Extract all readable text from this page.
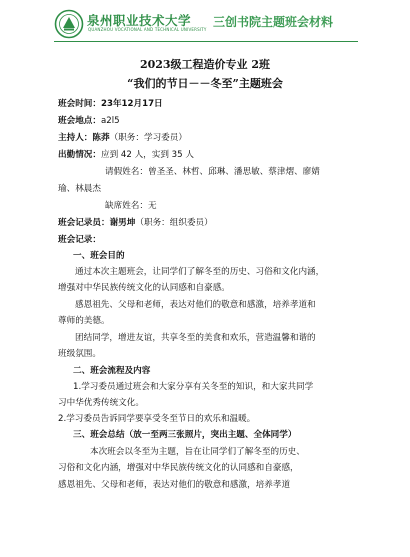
泉州职业技术大学
QUANZHOU VOCATIONAL AND TECHNICAL UNIVERSITY
三创书院主题班会材料
2023级工程造价专业 2班
“我们的节日－－冬至”主题班会
班会时间：23年12月17日
班会地点：a2l5
主持人：陈莽（职务：学习委员）
出勤情况：应到 42 人，实到 35 人
请假姓名：曾圣圣、林哲、邱琳、潘思敏、蔡津熠、廖婧
瑜、林晨杰
缺席姓名：无
班会记录员：谢男坤（职务：组织委员）
班会记录：
一、班会目的
通过本次主题班会，让同学们了解冬至的历史、习俗和文化内涵，
增强对中华民族传统文化的认同感和自豪感。
感恩祖先、父母和老师，表达对他们的敬意和感激，培养孝道和
尊师的美德。
团结同学，增进友谊，共享冬至的美食和欢乐，营造温馨和谐的
班级氛围。
二、班会流程及内容
1.学习委员通过班会和大家分享有关冬至的知识，和大家共同学
习中华优秀传统文化。
2.学习委员告诉同学要享受冬至节日的欢乐和温暖。
三、班会总结（放一至两三张照片，突出主题、全体同学）
本次班会以冬至为主题，旨在让同学们了解冬至的历史、
习俗和文化内涵，增强对中华民族传统文化的认同感和自豪感，
感恩祖先、父母和老师，表达对他们的敬意和感激，培养孝道
